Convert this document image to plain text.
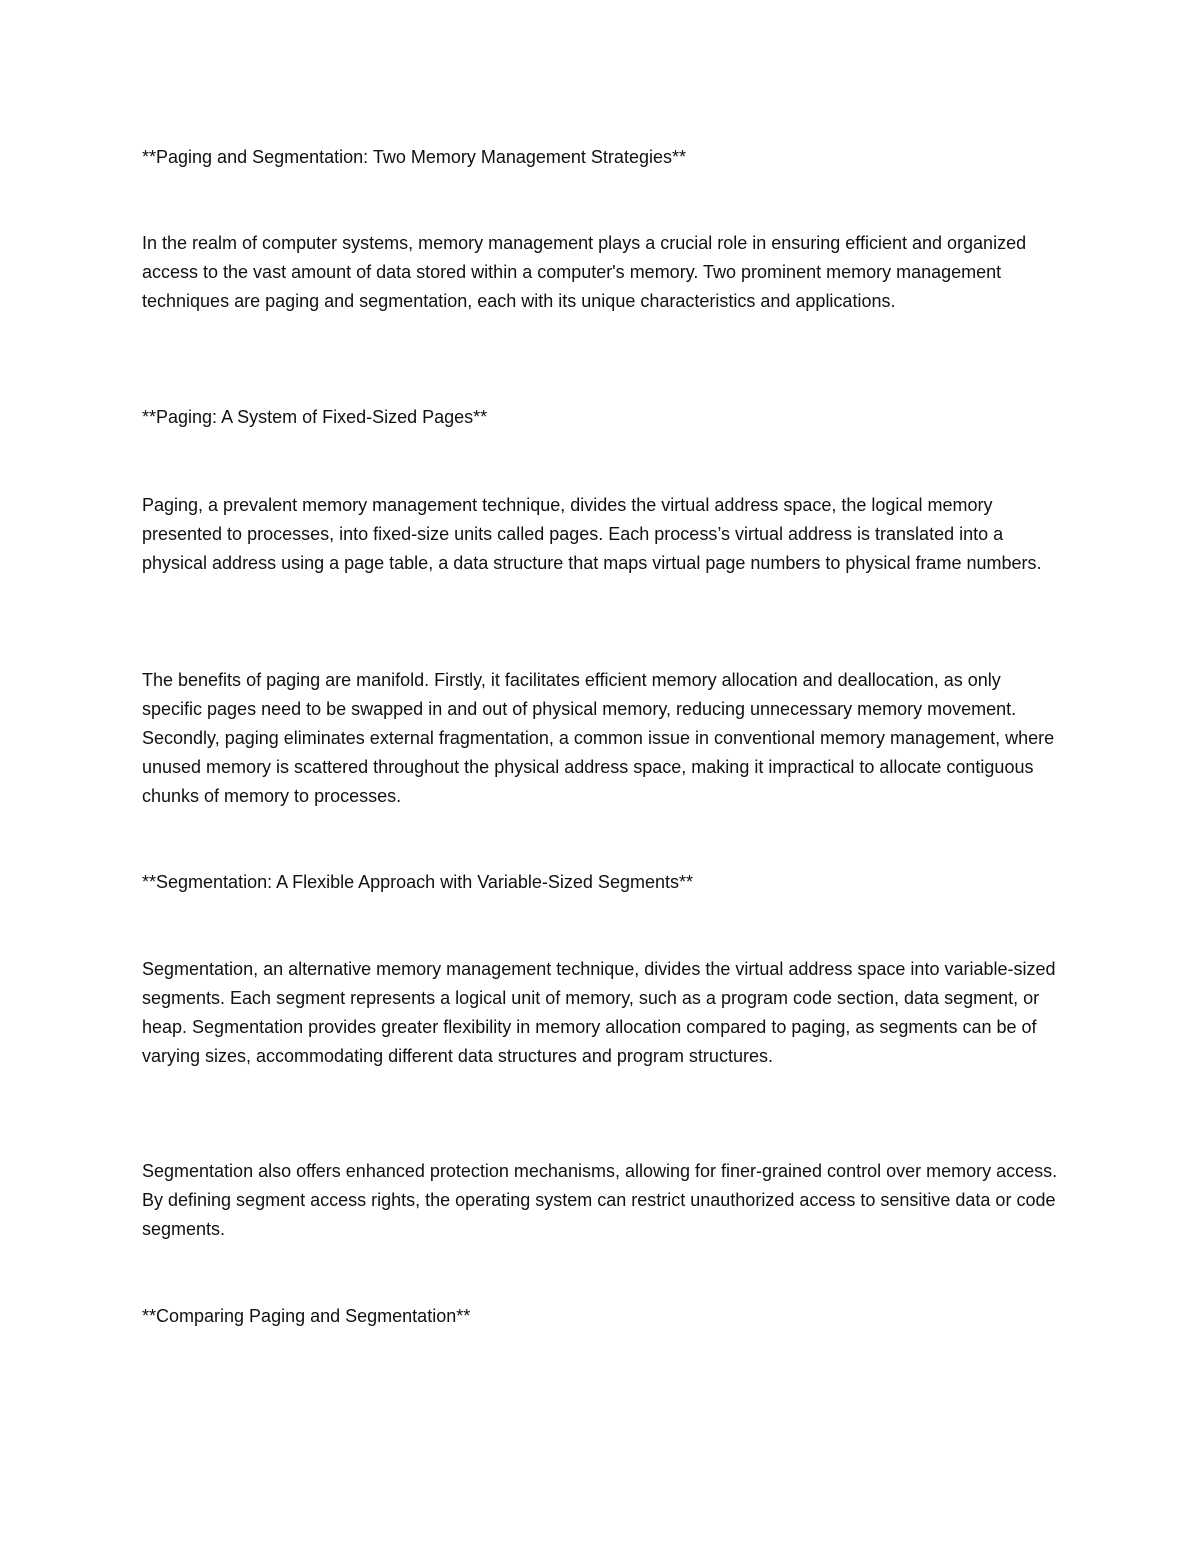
**Paging and Segmentation: Two Memory Management Strategies**

In the realm of computer systems, memory management plays a crucial role in ensuring efficient and organized access to the vast amount of data stored within a computer's memory. Two prominent memory management techniques are paging and segmentation, each with its unique characteristics and applications.

**Paging: A System of Fixed-Sized Pages**

Paging, a prevalent memory management technique, divides the virtual address space, the logical memory presented to processes, into fixed-size units called pages. Each process’s virtual address is translated into a physical address using a page table, a data structure that maps virtual page numbers to physical frame numbers.

The benefits of paging are manifold. Firstly, it facilitates efficient memory allocation and deallocation, as only specific pages need to be swapped in and out of physical memory, reducing unnecessary memory movement. Secondly, paging eliminates external fragmentation, a common issue in conventional memory management, where unused memory is scattered throughout the physical address space, making it impractical to allocate contiguous chunks of memory to processes.

**Segmentation: A Flexible Approach with Variable-Sized Segments**

Segmentation, an alternative memory management technique, divides the virtual address space into variable-sized segments. Each segment represents a logical unit of memory, such as a program code section, data segment, or heap. Segmentation provides greater flexibility in memory allocation compared to paging, as segments can be of varying sizes, accommodating different data structures and program structures.

Segmentation also offers enhanced protection mechanisms, allowing for finer-grained control over memory access. By defining segment access rights, the operating system can restrict unauthorized access to sensitive data or code segments.

**Comparing Paging and Segmentation**
